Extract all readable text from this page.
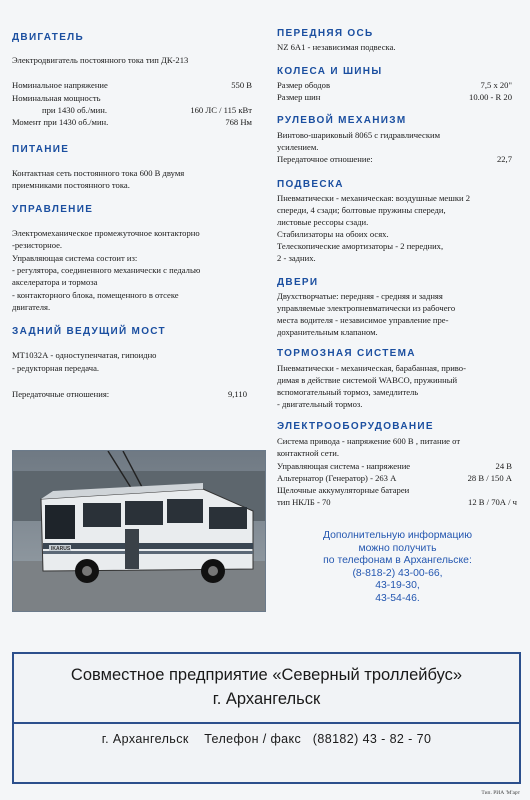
ДВИГАТЕЛЬ
Электродвигатель постоянного тока тип ДК-213
Номинальное напряжение	550 В
Номинальная мощность
при 1430 об./мин.	160 ЛС / 115 кВт
Момент при 1430 об./мин.	768 Нм
ПИТАНИЕ
Контактная сеть постоянного тока 600 В двумя
приемниками постоянного тока.
УПРАВЛЕНИЕ
Электромеханическое промежуточное контакторно
-резисторное.
Управляющая система состоит из:
- регулятора, соединенного механически с педалью
акселератора и тормоза
- контакторного блока, помещенного в отсеке
двигателя.
ЗАДНИЙ ВЕДУЩИЙ МОСТ
МТ1032А - одноступенчатая, гипоидно
- редукторная передача.
Передаточные отношения:	9,110
IKARUS
ПЕРЕДНЯЯ ОСЬ
NZ 6А1 - независимая подвеска.
КОЛЕСА И ШИНЫ
Размер ободов	7,5 х 20"
Размер шин	10.00 - R 20
РУЛЕВОЙ МЕХАНИЗМ
Винтово-шариковый 8065 с гидравлическим
усилением.
Передаточное отношение:	22,7
ПОДВЕСКА
Пневматически - механическая: воздушные мешки 2
спереди, 4 сзади; болтовые пружины спереди,
листовые рессоры сзади.
Стабилизаторы на обоих осях.
Телескопические амортизаторы - 2 передних,
2 - задних.
ДВЕРИ
Двухстворчатые: передняя - средняя и задняя
управляемые электропневматически из рабочего
места водителя - независимое управление пре-
дохранительным клапаном.
ТОРМОЗНАЯ СИСТЕМА
Пневматически - механическая, барабанная, приво-
димая в действие системой WABCO, пружинный
вспомогательный тормоз, замедлитель
- двигательный тормоз.
ЭЛЕКТРООБОРУДОВАНИЕ
Система привода - напряжение 600 В , питание от
контактной сети.
Управляющая система - напряжение	24 В
Альтернатор (Генератор) - 263 А	28 В / 150 А
Щелочные аккумуляторные батареи
тип НКЛБ - 70	12 В / 70А / ч
Дополнительную информацию
можно получить
по телефонам в Архангельске:
(8-818-2) 43-00-66,
43-19-30,
43-54-46.
Совместное предприятие «Северный троллейбус»
г. Архангельск
г. Архангельск    Телефон / факс   (88182) 43 - 82 - 70
Тип. РИА 'М'арт
